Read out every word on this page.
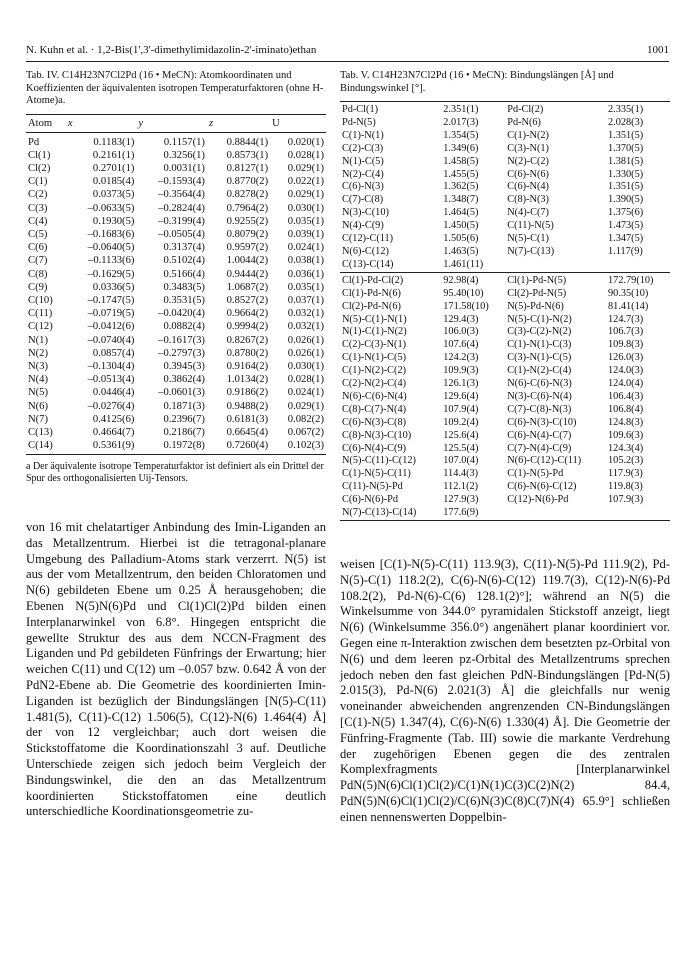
N. Kuhn et al. · 1,2-Bis(1',3'-dimethylimidazolin-2'-iminato)ethan	1001

Tab. IV. C14H23N7Cl2Pd (16 • MeCN): Atomkoordinaten und Koeffizienten der äquivalenten isotropen Temperaturfaktoren (ohne H-Atome)a.

Atom	x	y	z	U
Pd	0.1183(1)	0.1157(1)	0.8844(1)	0.020(1)
Cl(1)	0.2161(1)	0.3256(1)	0.8573(1)	0.028(1)
Cl(2)	0.2701(1)	0.0031(1)	0.8127(1)	0.029(1)
C(1)	0.0185(4)	–0.1593(4)	0.8770(2)	0.022(1)
C(2)	0.0373(5)	–0.3564(4)	0.8278(2)	0.029(1)
C(3)	–0.0633(5)	–0.2824(4)	0.7964(2)	0.030(1)
C(4)	0.1930(5)	–0.3199(4)	0.9255(2)	0.035(1)
C(5)	–0.1683(6)	–0.0505(4)	0.8079(2)	0.039(1)
C(6)	–0.0640(5)	0.3137(4)	0.9597(2)	0.024(1)
C(7)	–0.1133(6)	0.5102(4)	1.0044(2)	0.038(1)
C(8)	–0.1629(5)	0.5166(4)	0.9444(2)	0.036(1)
C(9)	0.0336(5)	0.3483(5)	1.0687(2)	0.035(1)
C(10)	–0.1747(5)	0.3531(5)	0.8527(2)	0.037(1)
C(11)	–0.0719(5)	–0.0420(4)	0.9664(2)	0.032(1)
C(12)	–0.0412(6)	0.0882(4)	0.9994(2)	0.032(1)
N(1)	–0.0740(4)	–0.1617(3)	0.8267(2)	0.026(1)
N(2)	0.0857(4)	–0.2797(3)	0.8780(2)	0.026(1)
N(3)	–0.1304(4)	0.3945(3)	0.9164(2)	0.030(1)
N(4)	–0.0513(4)	0.3862(4)	1.0134(2)	0.028(1)
N(5)	0.0446(4)	–0.0601(3)	0.9186(2)	0.024(1)
N(6)	–0.0276(4)	0.1871(3)	0.9488(2)	0.029(1)
N(7)	0.4125(6)	0.2396(7)	0.6181(3)	0.082(2)
C(13)	0.4664(7)	0.2186(7)	0.6645(4)	0.067(2)
C(14)	0.5361(9)	0.1972(8)	0.7260(4)	0.102(3)
a Der äquivalente isotrope Temperaturfaktor ist definiert als ein Drittel der Spur des orthogonalisierten Uij-Tensors.

Tab. V. C14H23N7Cl2Pd (16 • MeCN): Bindungslängen [Å] und Bindungswinkel [°].

Pd-Cl(1)	2.351(1)	Pd-Cl(2)	2.335(1)
Pd-N(5)	2.017(3)	Pd-N(6)	2.028(3)
C(1)-N(1)	1.354(5)	C(1)-N(2)	1.351(5)
C(2)-C(3)	1.349(6)	C(3)-N(1)	1.370(5)
N(1)-C(5)	1.458(5)	N(2)-C(2)	1.381(5)
N(2)-C(4)	1.455(5)	C(6)-N(6)	1.330(5)
C(6)-N(3)	1.362(5)	C(6)-N(4)	1.351(5)
C(7)-C(8)	1.348(7)	C(8)-N(3)	1.390(5)
N(3)-C(10)	1.464(5)	N(4)-C(7)	1.375(6)
N(4)-C(9)	1.450(5)	C(11)-N(5)	1.473(5)
C(12)-C(11)	1.505(6)	N(5)-C(1)	1.347(5)
N(6)-C(12)	1.463(5)	N(7)-C(13)	1.117(9)
C(13)-C(14)	1.461(11)		
Cl(1)-Pd-Cl(2)	92.98(4)	Cl(1)-Pd-N(5)	172.79(10)
Cl(1)-Pd-N(6)	95.40(10)	Cl(2)-Pd-N(5)	90.35(10)
Cl(2)-Pd-N(6)	171.58(10)	N(5)-Pd-N(6)	81.41(14)
N(5)-C(1)-N(1)	129.4(3)	N(5)-C(1)-N(2)	124.7(3)
N(1)-C(1)-N(2)	106.0(3)	C(3)-C(2)-N(2)	106.7(3)
C(2)-C(3)-N(1)	107.6(4)	C(1)-N(1)-C(3)	109.8(3)
C(1)-N(1)-C(5)	124.2(3)	C(3)-N(1)-C(5)	126.0(3)
C(1)-N(2)-C(2)	109.9(3)	C(1)-N(2)-C(4)	124.0(3)
C(2)-N(2)-C(4)	126.1(3)	N(6)-C(6)-N(3)	124.0(4)
N(6)-C(6)-N(4)	129.6(4)	N(3)-C(6)-N(4)	106.4(3)
C(8)-C(7)-N(4)	107.9(4)	C(7)-C(8)-N(3)	106.8(4)
C(6)-N(3)-C(8)	109.2(4)	C(6)-N(3)-C(10)	124.8(3)
C(8)-N(3)-C(10)	125.6(4)	C(6)-N(4)-C(7)	109.6(3)
C(6)-N(4)-C(9)	125.5(4)	C(7)-N(4)-C(9)	124.3(4)
N(5)-C(11)-C(12)	107.0(4)	N(6)-C(12)-C(11)	105.2(3)
C(1)-N(5)-C(11)	114.4(3)	C(1)-N(5)-Pd	117.9(3)
C(11)-N(5)-Pd	112.1(2)	C(6)-N(6)-C(12)	119.8(3)
C(6)-N(6)-Pd	127.9(3)	C(12)-N(6)-Pd	107.9(3)
N(7)-C(13)-C(14)	177.6(9)		

von 16 mit chelatartiger Anbindung des Imin-Liganden an das Metallzentrum. Hierbei ist die tetragonal-planare Umgebung des Palladium-Atoms stark verzerrt. N(5) ist aus der vom Metallzentrum, den beiden Chloratomen und N(6) gebildeten Ebene um 0.25 Å herausgehoben; die Ebenen N(5)N(6)Pd und Cl(1)Cl(2)Pd bilden einen Interplanarwinkel von 6.8°. Hingegen entspricht die gewellte Struktur des aus dem NCCN-Fragment des Liganden und Pd gebildeten Fünfrings der Erwartung; hier weichen C(11) und C(12) um –0.057 bzw. 0.642 Å von der PdN2-Ebene ab. Die Geometrie des koordinierten Imin-Liganden ist bezüglich der Bindungslängen [N(5)-C(11) 1.481(5), C(11)-C(12) 1.506(5), C(12)-N(6) 1.464(4) Å] der von 12 vergleichbar; auch dort weisen die Stickstoffatome die Koordinationszahl 3 auf. Deutliche Unterschiede zeigen sich jedoch beim Vergleich der Bindungswinkel, die den an das Metallzentrum koordinierten Stickstoffatomen eine deutlich unterschiedliche Koordinationsgeometrie zu-

weisen [C(1)-N(5)-C(11) 113.9(3), C(11)-N(5)-Pd 111.9(2), Pd-N(5)-C(1) 118.2(2), C(6)-N(6)-C(12) 119.7(3), C(12)-N(6)-Pd 108.2(2), Pd-N(6)-C(6) 128.1(2)°]; während an N(5) die Winkelsumme von 344.0° pyramidalen Stickstoff anzeigt, liegt N(6) (Winkelsumme 356.0°) angenähert planar koordiniert vor. Gegen eine π-Interaktion zwischen dem besetzten pz-Orbital von N(6) und dem leeren pz-Orbital des Metallzentrums sprechen jedoch neben den fast gleichen PdN-Bindungslängen [Pd-N(5) 2.015(3), Pd-N(6) 2.021(3) Å] die gleichfalls nur wenig voneinander abweichenden angrenzenden CN-Bindungslängen [C(1)-N(5) 1.347(4), C(6)-N(6) 1.330(4) Å]. Die Geometrie der Fünfring-Fragmente (Tab. III) sowie die markante Verdrehung der zugehörigen Ebenen gegen die des zentralen Komplexfragments [Interplanarwinkel PdN(5)N(6)Cl(1)Cl(2)/C(1)N(1)C(3)C(2)N(2) 84.4, PdN(5)N(6)Cl(1)Cl(2)/C(6)N(3)C(8)C(7)N(4) 65.9°] schließen einen nennenswerten Doppelbin-
